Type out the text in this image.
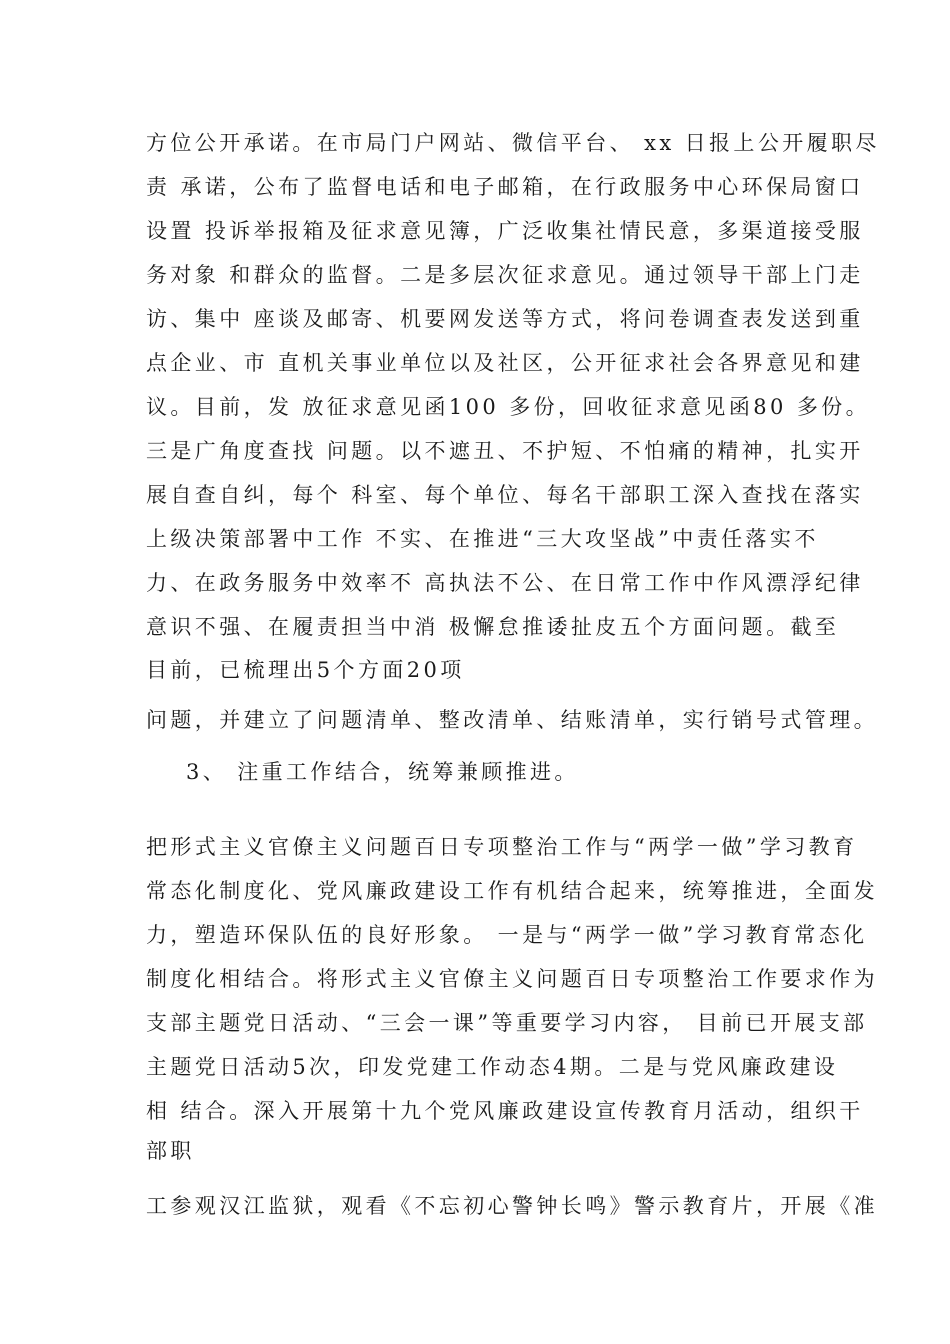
方位公开承诺。在市局门户网站、微信平台、 xx 日报上公开履职尽
责 承诺，公布了监督电话和电子邮箱，在行政服务中心环保局窗口
设置 投诉举报箱及征求意见簿，广泛收集社情民意，多渠道接受服
务对象 和群众的监督。二是多层次征求意见。通过领导干部上门走
访、集中 座谈及邮寄、机要网发送等方式，将问卷调查表发送到重
点企业、市 直机关事业单位以及社区，公开征求社会各界意见和建
议。目前，发 放征求意见函100 多份，回收征求意见函80 多份。
三是广角度查找 问题。以不遮丑、不护短、不怕痛的精神，扎实开
展自查自纠，每个 科室、每个单位、每名干部职工深入查找在落实
上级决策部署中工作 不实、在推进“三大攻坚战”中责任落实不
力、在政务服务中效率不 高执法不公、在日常工作中作风漂浮纪律
意识不强、在履责担当中消 极懈怠推诿扯皮五个方面问题。截至
目前，已梳理出5个方面20项
问题，并建立了问题清单、整改清单、结账清单，实行销号式管理。
3、 注重工作结合，统筹兼顾推进。
把形式主义官僚主义问题百日专项整治工作与“两学一做”学习教育
常态化制度化、党风廉政建设工作有机结合起来，统筹推进，全面发
力，塑造环保队伍的良好形象。 一是与“两学一做”学习教育常态化
制度化相结合。将形式主义官僚主义问题百日专项整治工作要求作为
支部主题党日活动、“三会一课”等重要学习内容， 目前已开展支部
主题党日活动5次，印发党建工作动态4期。二是与党风廉政建设
相 结合。深入开展第十九个党风廉政建设宣传教育月活动，组织干
部职
工参观汉江监狱，观看《不忘初心警钟长鸣》警示教育片，开展《准
